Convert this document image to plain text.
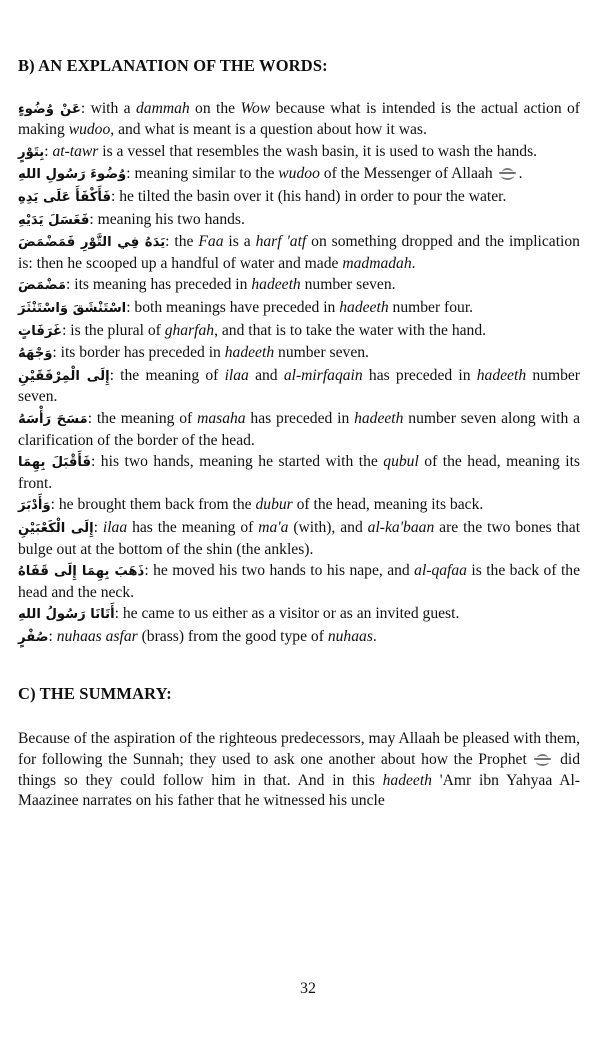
B) AN EXPLANATION OF THE WORDS:

عَنْ وُضُوءٍ: with a dammah on the Wow because what is intended is the actual action of making wudoo, and what is meant is a question about how it was.

بِتَوْرٍ: at-tawr is a vessel that resembles the wash basin, it is used to wash the hands.

وُضُوءَ رَسُولِ اللهِ: meaning similar to the wudoo of the Messenger of Allaah
.

فَأَكْفَأَ عَلَى يَدِهِ: he tilted the basin over it (his hand) in order to pour the water.

فَغَسَلَ يَدَيْهِ: meaning his two hands.

يَدَهُ فِي التَّوْرِ فَمَضْمَضَ: the Faa is a harf 'atf on something dropped and the implication is: then he scooped up a handful of water and made madmadah.

مَضْمَضَ: its meaning has preceded in hadeeth number seven.

اسْتَنْشَقَ وَاسْتَنْثَرَ: both meanings have preceded in hadeeth number four.

غَرَفَاتٍ: is the plural of gharfah, and that is to take the water with the hand.

وَجْهَهُ: its border has preceded in hadeeth number seven.

إِلَى الْمِرْفَقَيْنِ: the meaning of ilaa and al-mirfaqain has preceded in hadeeth number seven.

مَسَحَ رَأْسَهُ: the meaning of masaha has preceded in hadeeth number seven along with a clarification of the border of the head.

فَأَقْبَلَ بِهِمَا: his two hands, meaning he started with the qubul of the head, meaning its front.

وَأَدْبَرَ: he brought them back from the dubur of the head, meaning its back.

إِلَى الْكَعْبَيْنِ: ilaa has the meaning of ma'a (with), and al-ka'baan are the two bones that bulge out at the bottom of the shin (the ankles).

ذَهَبَ بِهِمَا إِلَى قَفَاهُ: he moved his two hands to his nape, and al-qafaa is the back of the head and the neck.

أَتَانَا رَسُولُ اللهِ: he came to us either as a visitor or as an invited guest.

صُفْرٍ: nuhaas asfar (brass) from the good type of nuhaas.

C) THE SUMMARY:

Because of the aspiration of the righteous predecessors, may Allaah be pleased with them, for following the Sunnah; they used to ask one another about how the Prophet
did things so they could follow him in that. And in this hadeeth 'Amr ibn Yahyaa Al-Maazinee narrates on his father that he witnessed his uncle

32
